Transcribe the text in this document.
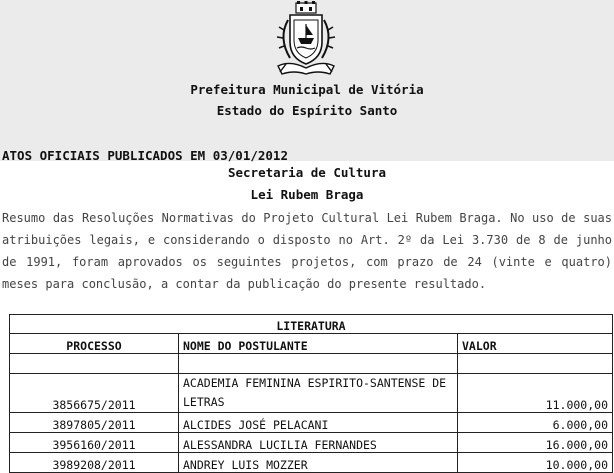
Prefeitura Municipal de Vitória
Estado do Espírito Santo
ATOS OFICIAIS PUBLICADOS EM 03/01/2012
Secretaria de Cultura
Lei Rubem Braga
Resumo das Resoluções Normativas do Projeto Cultural Lei Rubem Braga. No uso de suas atribuições legais, e considerando o disposto no Art. 2º da Lei 3.730 de 8 de junho de 1991, foram aprovados os seguintes projetos, com prazo de 24 (vinte e quatro) meses para conclusão, a contar da publicação do presente resultado.
LITERATURA		
PROCESSO	NOME DO POSTULANTE	VALOR

3856675/2011	ACADEMIA FEMININA ESPIRITO-SANTENSE DE LETRAS	11.000,00
3897805/2011	ALCIDES JOSÉ PELACANI	6.000,00
3956160/2011	ALESSANDRA LUCILIA FERNANDES	16.000,00
3989208/2011	ANDREY LUIS MOZZER	10.000,00
